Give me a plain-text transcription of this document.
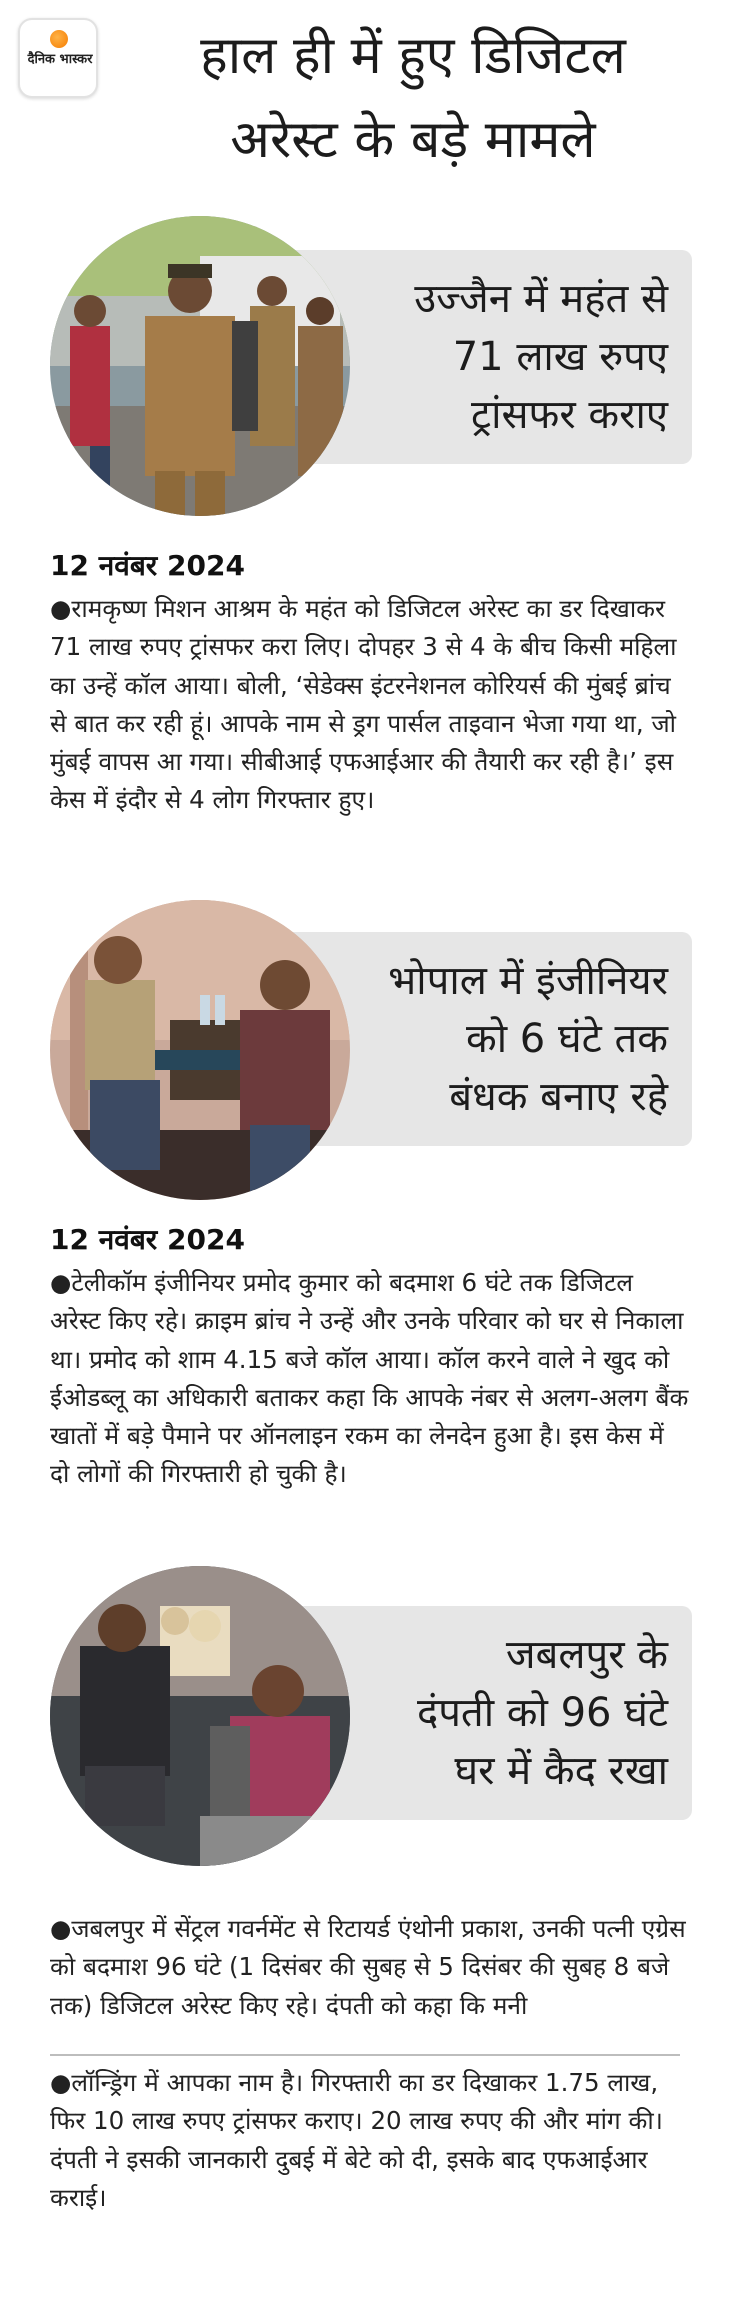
दैनिक भास्कर	हाल ही में हुए डिजिटल
अरेस्ट के बड़े मामले
उज्जैन में महंत से
71 लाख रुपए
ट्रांसफर कराए
12 नवंबर 2024

●रामकृष्ण मिशन आश्रम के महंत को डिजिटल अरेस्ट का डर दिखाकर 71 लाख रुपए ट्रांसफर करा लिए। दोपहर 3 से 4 के बीच किसी महिला का उन्हें कॉल आया। बोली, ‘सेडेक्स इंटरनेशनल कोरियर्स की मुंबई ब्रांच से बात कर रही हूं। आपके नाम से ड्रग पार्सल ताइवान भेजा गया था, जो मुंबई वापस आ गया। सीबीआई एफआईआर की तैयारी कर रही है।’ इस केस में इंदौर से 4 लोग गिरफ्तार हुए।

भोपाल में इंजीनियर
को 6 घंटे तक
बंधक बनाए रहे
12 नवंबर 2024

●टेलीकॉम इंजीनियर प्रमोद कुमार को बदमाश 6 घंटे तक डिजिटल अरेस्ट किए रहे। क्राइम ब्रांच ने उन्हें और उनके परिवार को घर से निकाला था। प्रमोद को शाम 4.15 बजे कॉल आया। कॉल करने वाले ने खुद को ईओडब्लू का अधिकारी बताकर कहा कि आपके नंबर से अलग-अलग बैंक खातों में बड़े पैमाने पर ऑनलाइन रकम का लेनदेन हुआ है। इस केस में दो लोगों की गिरफ्तारी हो चुकी है।

जबलपुर के
दंपती को 96 घंटे
घर में कैद रखा

●जबलपुर में सेंट्रल गवर्नमेंट से रिटायर्ड एंथोनी प्रकाश, उनकी पत्नी एग्रेस को बदमाश 96 घंटे (1 दिसंबर की सुबह से 5 दिसंबर की सुबह 8 बजे तक) डिजिटल अरेस्ट किए रहे। दंपती को कहा कि मनी

●लॉन्ड्रिंग में आपका नाम है। गिरफ्तारी का डर दिखाकर 1.75 लाख, फिर 10 लाख रुपए ट्रांसफर कराए। 20 लाख रुपए की और मांग की। दंपती ने इसकी जानकारी दुबई में बेटे को दी, इसके बाद एफआईआर कराई।
